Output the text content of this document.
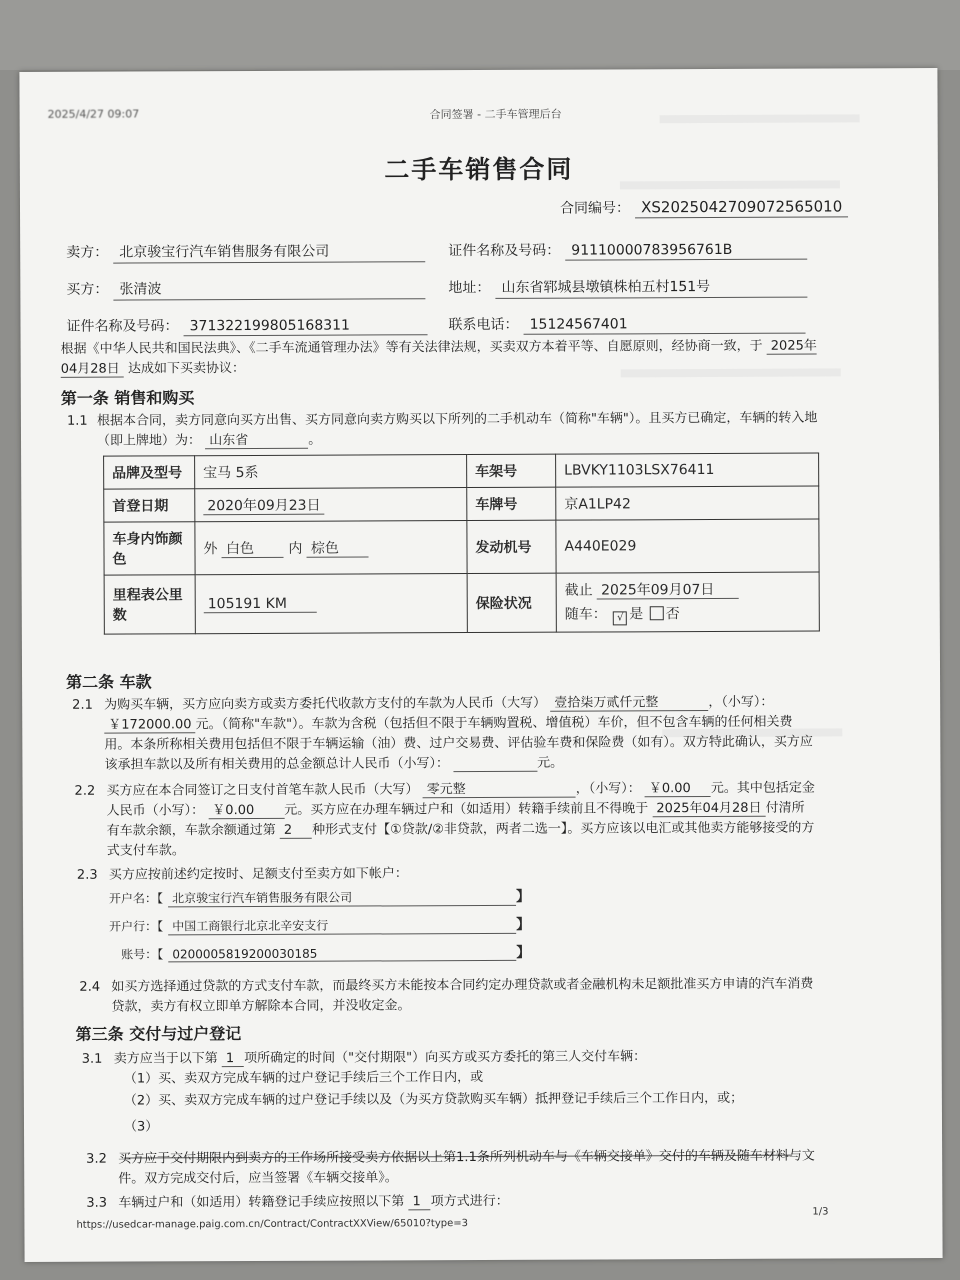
2025/4/27 09:07	合同签署 - 二手车管理后台
二手车销售合同
合同编号： XS2025042709072565010
卖方： 北京骏宝行汽车销售服务有限公司	证件名称及号码： 91110000783956761B
买方： 张清波	地址： 山东省郓城县墩镇株柏五村151号
证件名称及号码： 371322199805168311	联系电话： 15124567401
根据《中华人民共和国民法典》、《二手车流通管理办法》等有关法律法规，买卖双方本着平等、自愿原则，经协商一致，于 2025年04月28日 达成如下买卖协议：
第一条 销售和购买
1.1 根据本合同，卖方同意向买方出售、买方同意向卖方购买以下所列的二手机动车（简称"车辆"）。且买方已确定，车辆的转入地（即上牌地）为： 山东省	。
品牌及型号	宝马 5系	车架号	LBVKY1103LSX76411
首登日期	2020年09月23日	车牌号	京A1LP42
车身内饰颜色	外 白色 内 棕色	发动机号	A440E029
里程表公里数	105191 KM	保险状况	截止 2025年09月07日
随车： √ 是 否
第二条 车款
2.1 为购买车辆，买方应向卖方或卖方委托代收款方支付的车款为人民币（大写） 壹拾柒万贰仟元整	，（小写）： ￥172000.00 元。（简称"车款"）。车款为含税（包括但不限于车辆购置税、增值税）车价，但不包含车辆的任何相关费用。本条所称相关费用包括但不限于车辆运输（油）费、过户交易费、评估验车费和保险费（如有）。双方特此确认，买方应该承担车款以及所有相关费用的总金额总计人民币（小写）：	元。
2.2 买方应在本合同签订之日支付首笔车款人民币（大写） 零元整	，（小写）： ￥0.00 元。其中包括定金人民币（小写）： ￥0.00 元。买方应在办理车辆过户和（如适用）转籍手续前且不得晚于 2025年04月28日 付清所有车款余额，车款余额通过第 2 种形式支付【①贷款/②非贷款，两者二选一】。买方应该以电汇或其他卖方能够接受的方式支付车款。
2.3 买方应按前述约定按时、足额支付至卖方如下帐户：
开户名：【 北京骏宝行汽车销售服务有限公司	】
开户行：【 中国工商银行北京北辛安支行	】
账号：【 0200005819200030185	】
2.4 如买方选择通过贷款的方式支付车款，而最终买方未能按本合同约定办理贷款或者金融机构未足额批准买方申请的汽车消费贷款，卖方有权立即单方解除本合同，并没收定金。
第三条 交付与过户登记
3.1 卖方应当于以下第 1 项所确定的时间（"交付期限"）向买方或买方委托的第三人交付车辆：
（1）买、卖双方完成车辆的过户登记手续后三个工作日内，或
（2）买、卖双方完成车辆的过户登记手续以及（为买方贷款购买车辆）抵押登记手续后三个工作日内，或；
（3）
3.2 买方应于交付期限内到卖方的工作场所接受卖方依据以上第1.1条所列机动车与《车辆交接单》交付的车辆及随车材料与文件。双方完成交付后，应当签署《车辆交接单》。
3.3 车辆过户和（如适用）转籍登记手续应按照以下第 1 项方式进行：
https://usedcar-manage.paig.com.cn/Contract/ContractXXView/65010?type=3
1/3
